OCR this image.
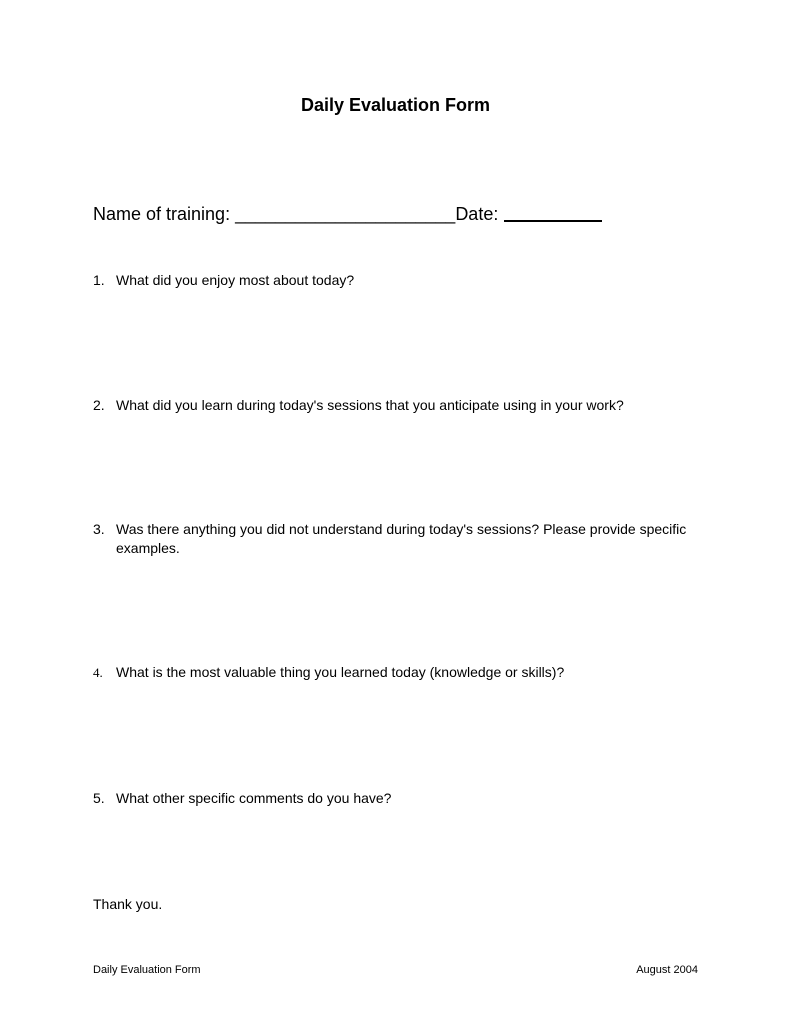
Daily Evaluation Form
Name of training: ______________________Date:
1. What did you enjoy most about today?
2. What did you learn during today's sessions that you anticipate using in your work?
3. Was there anything you did not understand during today's sessions? Please provide specific examples.
4. What is the most valuable thing you learned today (knowledge or skills)?
5. What other specific comments do you have?
Thank you.
Daily Evaluation Form	August 2004
